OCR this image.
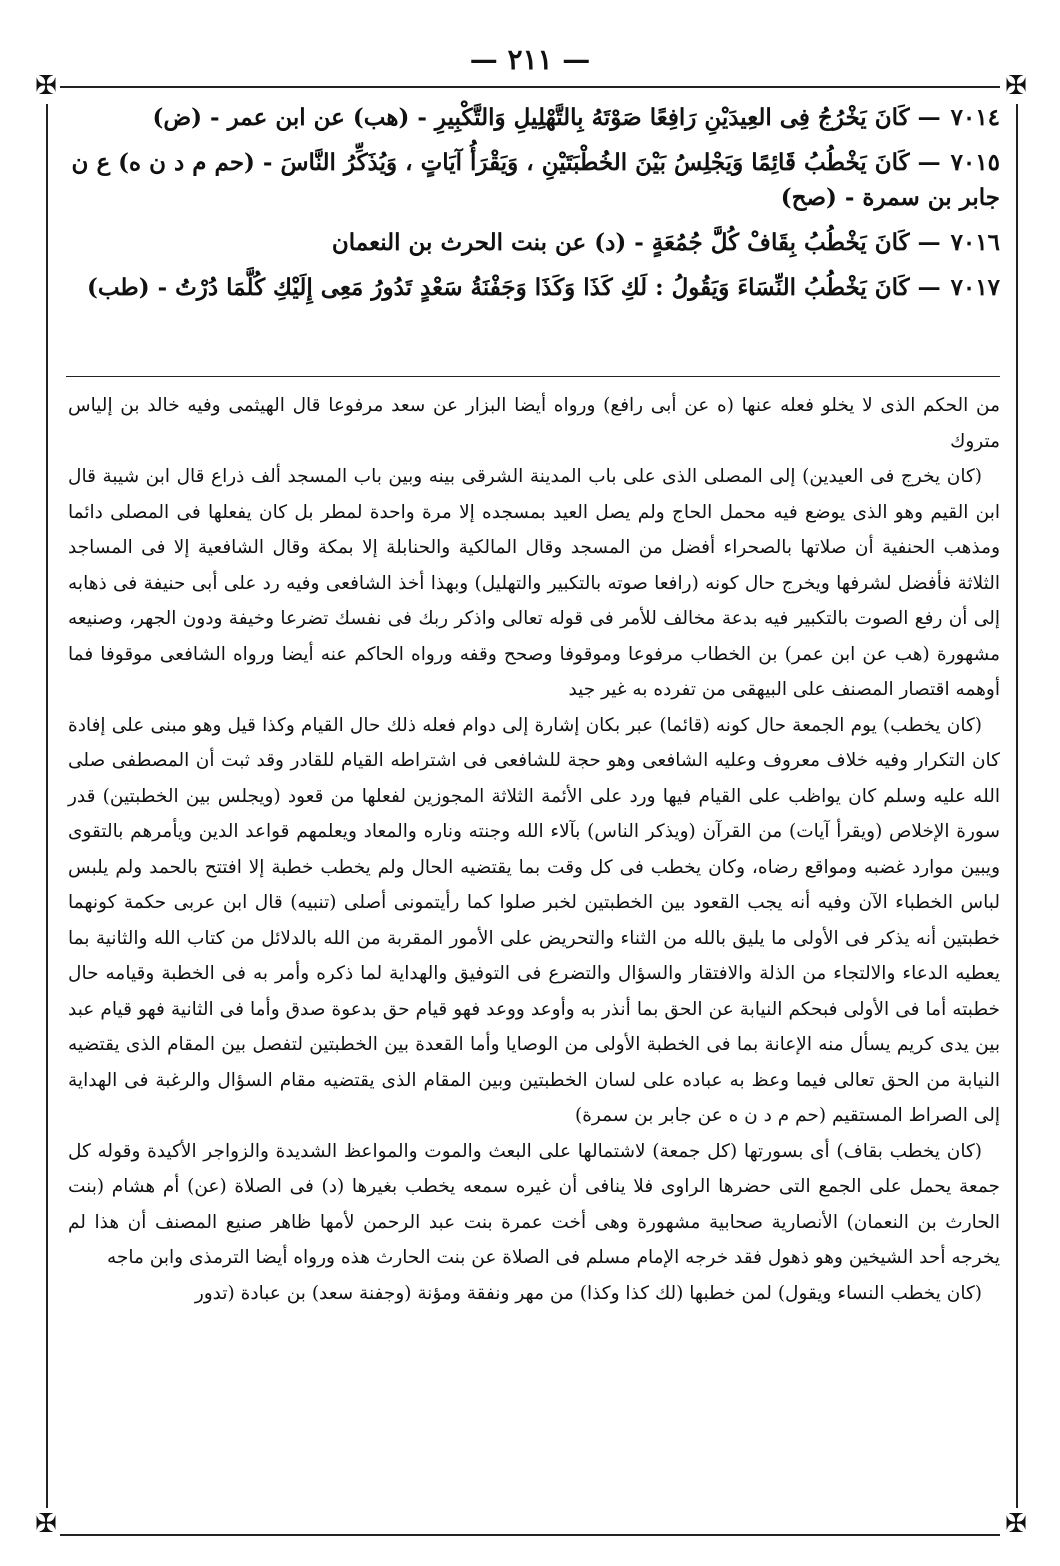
— ٢١١ —
✠	✠
✠	✠
٧٠١٤— كَانَ يَخْرُجُ فِى العِيدَيْنِ رَافِعًا صَوْتَهُ بِالتَّهْلِيلِ وَالتَّكْبِيرِ - (هب) عن ابن عمر - (ض)
٧٠١٥— كَانَ يَخْطُبُ قَائِمًا وَيَجْلِسُ بَيْنَ الخُطْبَتَيْنِ ، وَيَقْرَأُ آيَاتٍ ، وَيُذَكِّرُ النَّاسَ - (حم م د ن ه) ع ن جابر بن سمرة - (صح)
٧٠١٦— كَانَ يَخْطُبُ بِقَافْ كُلَّ جُمُعَةٍ - (د) عن بنت الحرث بن النعمان
٧٠١٧— كَانَ يَخْطُبُ النِّسَاءَ وَيَقُولُ : لَكِ كَذَا وَكَذَا وَجَفْنَةُ سَعْدٍ تَدُورُ مَعِى إِلَيْكِ كُلَّمَا دُرْتُ - (طب)

من الحكم الذى لا يخلو فعله عنها (ه عن أبى رافع) ورواه أيضا البزار عن سعد مرفوعا قال الهيثمى وفيه خالد بن إلياس متروك

(كان يخرج فى العيدين) إلى المصلى الذى على باب المدينة الشرقى بينه وبين باب المسجد ألف ذراع قال ابن شيبة قال ابن القيم وهو الذى يوضع فيه محمل الحاج ولم يصل العيد بمسجده إلا مرة واحدة لمطر بل كان يفعلها فى المصلى دائما ومذهب الحنفية أن صلاتها بالصحراء أفضل من المسجد وقال المالكية والحنابلة إلا بمكة وقال الشافعية إلا فى المساجد الثلاثة فأفضل لشرفها ويخرج حال كونه (رافعا صوته بالتكبير والتهليل) وبهذا أخذ الشافعى وفيه رد على أبى حنيفة فى ذهابه إلى أن رفع الصوت بالتكبير فيه بدعة مخالف للأمر فى قوله تعالى واذكر ربك فى نفسك تضرعا وخيفة ودون الجهر، وصنيعه مشهورة (هب عن ابن عمر) بن الخطاب مرفوعا وموقوفا وصحح وقفه ورواه الحاكم عنه أيضا ورواه الشافعى موقوفا فما أوهمه اقتصار المصنف على البيهقى من تفرده به غير جيد

(كان يخطب) يوم الجمعة حال كونه (قائما) عبر بكان إشارة إلى دوام فعله ذلك حال القيام وكذا قيل وهو مبنى على إفادة كان التكرار وفيه خلاف معروف وعليه الشافعى وهو حجة للشافعى فى اشتراطه القيام للقادر وقد ثبت أن المصطفى صلى الله عليه وسلم كان يواظب على القيام فيها ورد على الأئمة الثلاثة المجوزين لفعلها من قعود (ويجلس بين الخطبتين) قدر سورة الإخلاص (ويقرأ آيات) من القرآن (ويذكر الناس) بآلاء الله وجنته وناره والمعاد ويعلمهم قواعد الدين ويأمرهم بالتقوى ويبين موارد غضبه ومواقع رضاه، وكان يخطب فى كل وقت بما يقتضيه الحال ولم يخطب خطبة إلا افتتح بالحمد ولم يلبس لباس الخطباء الآن وفيه أنه يجب القعود بين الخطبتين لخبر صلوا كما رأيتمونى أصلى (تنبيه) قال ابن عربى حكمة كونهما خطبتين أنه يذكر فى الأولى ما يليق بالله من الثناء والتحريض على الأمور المقربة من الله بالدلائل من كتاب الله والثانية بما يعطيه الدعاء والالتجاء من الذلة والافتقار والسؤال والتضرع فى التوفيق والهداية لما ذكره وأمر به فى الخطبة وقيامه حال خطبته أما فى الأولى فبحكم النيابة عن الحق بما أنذر به وأوعد ووعد فهو قيام حق بدعوة صدق وأما فى الثانية فهو قيام عبد بين يدى كريم يسأل منه الإعانة بما فى الخطبة الأولى من الوصايا وأما القعدة بين الخطبتين لتفصل بين المقام الذى يقتضيه النيابة من الحق تعالى فيما وعظ به عباده على لسان الخطبتين وبين المقام الذى يقتضيه مقام السؤال والرغبة فى الهداية إلى الصراط المستقيم (حم م د ن ه عن جابر بن سمرة)

(كان يخطب بقاف) أى بسورتها (كل جمعة) لاشتمالها على البعث والموت والمواعظ الشديدة والزواجر الأكيدة وقوله كل جمعة يحمل على الجمع التى حضرها الراوى فلا ينافى أن غيره سمعه يخطب بغيرها (د) فى الصلاة (عن) أم هشام (بنت الحارث بن النعمان) الأنصارية صحابية مشهورة وهى أخت عمرة بنت عبد الرحمن لأمها ظاهر صنيع المصنف أن هذا لم يخرجه أحد الشيخين وهو ذهول فقد خرجه الإمام مسلم فى الصلاة عن بنت الحارث هذه ورواه أيضا الترمذى وابن ماجه

(كان يخطب النساء ويقول) لمن خطبها (لك كذا وكذا) من مهر ونفقة ومؤنة (وجفنة سعد) بن عبادة (تدور
